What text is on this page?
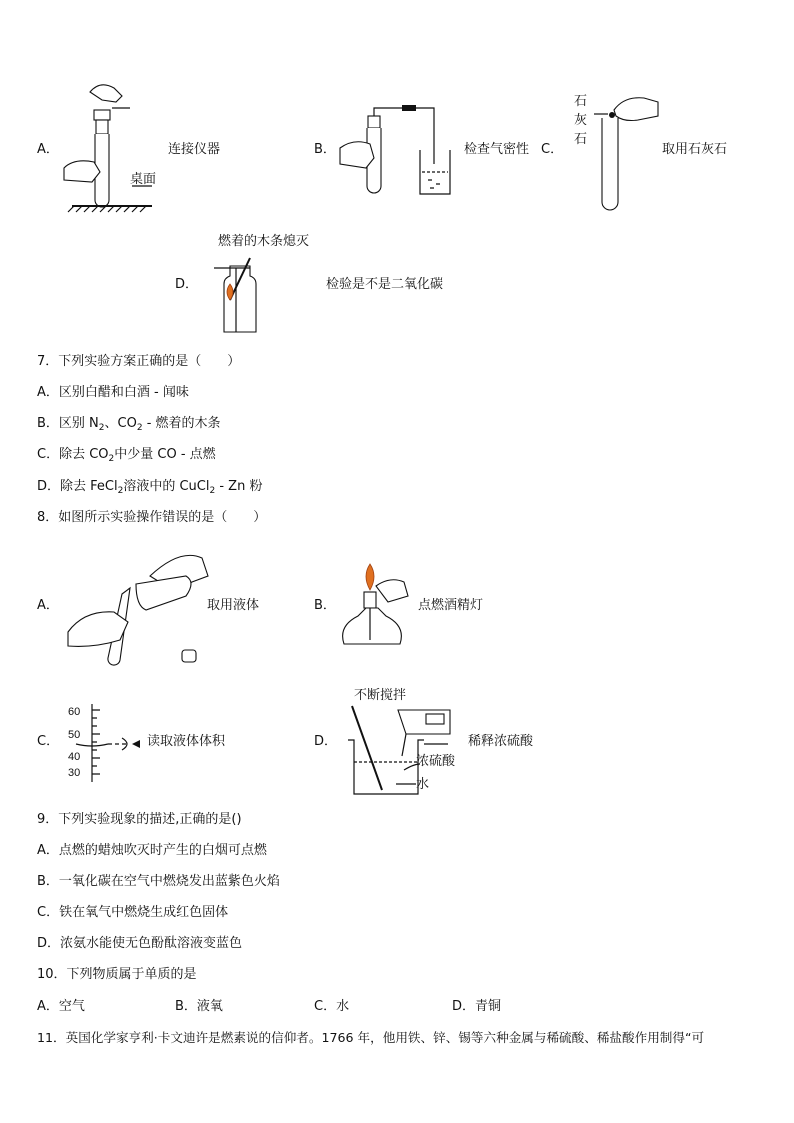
A．
桌面
连接仪器	B．	检查气密性 C．
石
灰
石
取用石灰石
燃着的木条熄灭
D．	检验是不是二氧化碳
7．下列实验方案正确的是（　　）
A．区别白醋和白酒 - 闻味
B．区别 $N_2$、$CO_2$ - 燃着的木条
C．除去 $CO_2$中少量 CO - 点燃
D．除去 FeCl$_2$溶液中的 CuCl$_2$ - Zn 粉
8．如图所示实验操作错误的是（　　）
A．	取用液体	B．	点燃酒精灯
C．
60
50
40
30
读取液体体积	D．
不断搅拌
稀释浓硫酸
浓硫酸
水
9．下列实验现象的描述,正确的是()
A．点燃的蜡烛吹灭时产生的白烟可点燃
B．一氧化碳在空气中燃烧发出蓝紫色火焰
C．铁在氧气中燃烧生成红色固体
D．浓氨水能使无色酚酞溶液变蓝色
10．下列物质属于单质的是
A．空气	B．液氧	C．水	D．青铜
11．英国化学家亨利·卡文迪许是燃素说的信仰者。1766 年，他用铁、锌、锡等六种金属与稀硫酸、稀盐酸作用制得“可
